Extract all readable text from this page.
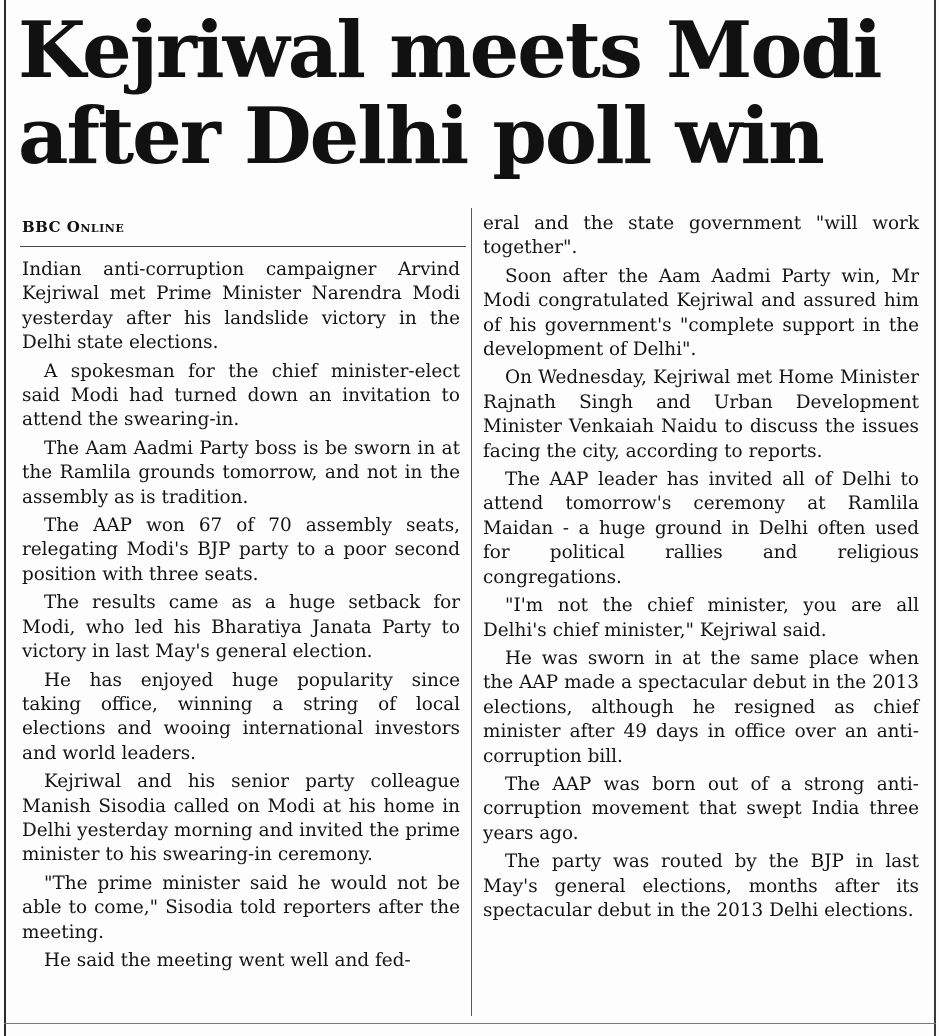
Kejriwal meets Modi after Delhi poll win
BBC Online

Indian anti-corruption campaigner Arvind Kejriwal met Prime Minister Narendra Modi yesterday after his landslide victory in the Delhi state elections.

A spokesman for the chief minister-elect said Modi had turned down an invitation to attend the swearing-in.

The Aam Aadmi Party boss is be sworn in at the Ramlila grounds tomorrow, and not in the assembly as is tradition.

The AAP won 67 of 70 assembly seats, relegating Modi's BJP party to a poor second position with three seats.

The results came as a huge setback for Modi, who led his Bharatiya Janata Party to victory in last May's general election.

He has enjoyed huge popularity since taking office, winning a string of local elections and wooing international investors and world leaders.

Kejriwal and his senior party colleague Manish Sisodia called on Modi at his home in Delhi yesterday morning and invited the prime minister to his swearing-in ceremony.

"The prime minister said he would not be able to come," Sisodia told reporters after the meeting.

He said the meeting went well and fed-

eral and the state government "will work together".

Soon after the Aam Aadmi Party win, Mr Modi congratulated Kejriwal and assured him of his government's "complete support in the development of Delhi".

On Wednesday, Kejriwal met Home Minister Rajnath Singh and Urban Development Minister Venkaiah Naidu to discuss the issues facing the city, according to reports.

The AAP leader has invited all of Delhi to attend tomorrow's ceremony at Ramlila Maidan - a huge ground in Delhi often used for political rallies and religious congregations.

"I'm not the chief minister, you are all Delhi's chief minister," Kejriwal said.

He was sworn in at the same place when the AAP made a spectacular debut in the 2013 elections, although he resigned as chief minister after 49 days in office over an anti-corruption bill.

The AAP was born out of a strong anti-corruption movement that swept India three years ago.

The party was routed by the BJP in last May's general elections, months after its spectacular debut in the 2013 Delhi elections.
